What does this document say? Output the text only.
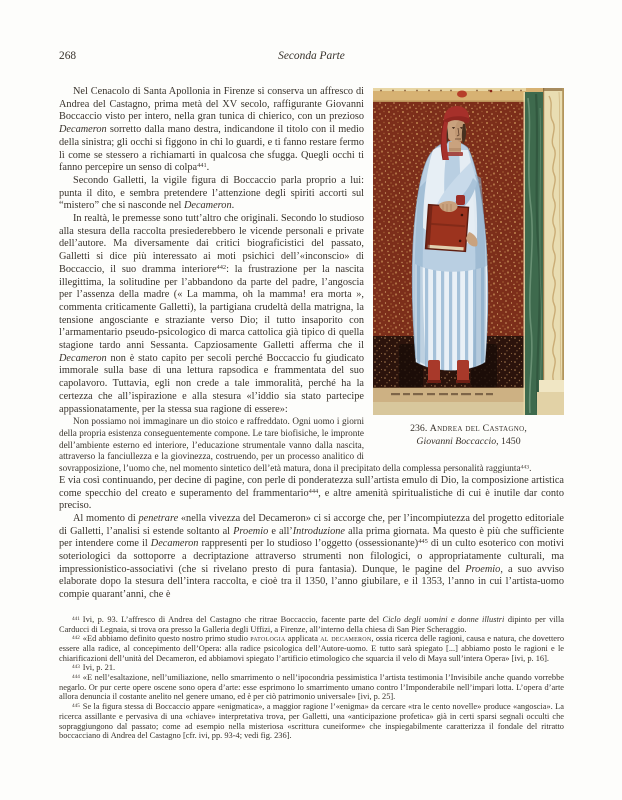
268	Seconda Parte
236. Andrea del Castagno,
Giovanni Boccaccio, 1450

Nel Cenacolo di Santa Apollonia in Firenze si conserva un affresco di Andrea del Castagno, prima metà del XV secolo, raffigurante Giovanni Boccaccio visto per intero, nella gran tunica di chierico, con un prezioso Decameron sorretto dalla mano destra, indicandone il titolo con il medio della sinistra; gli occhi si figgono in chi lo guardi, e ti fanno restare fermo lì come se stessero a richiamarti in qualcosa che sfugga. Quegli occhi ti fanno percepire un senso di colpa$^{441}$.

Secondo Galletti, la vigile figura di Boccaccio parla proprio a lui: punta il dito, e sembra pretendere l’attenzione degli spiriti accorti sul “mistero” che si nasconde nel Decameron.

In realtà, le premesse sono tutt’altro che originali. Secondo lo studioso alla stesura della raccolta presiederebbero le vicende personali e private dell’autore. Ma diversamente dai critici biograficistici del passato, Galletti si dice più interessato ai moti psichici dell’«inconscio» di Boccaccio, il suo dramma interiore$^{442}$: la frustrazione per la nascita illegittima, la solitudine per l’abbandono da parte del padre, l’angoscia per l’assenza della madre (« La mamma, oh la mamma! era morta », commenta criticamente Galletti), la partigiana crudeltà della matrigna, la tensione angosciante e straziante verso Dio; il tutto insaporito con l’armamentario pseudo-psicologico di marca cattolica già tipico di quella stagione tardo anni Sessanta. Capziosamente Galletti afferma che il Decameron non è stato capito per secoli perché Boccaccio fu giudicato immorale sulla base di una lettura rapsodica e frammentata del suo capolavoro. Tuttavia, egli non crede a tale immoralità, perché ha la certezza che all’ispirazione e alla stesura «l’iddio sia stato partecipe appassionatamente, per la stessa sua ragione di essere»:

Non possiamo noi immaginare un dio stoico e raffreddato. Ogni uomo i giorni della propria esistenza conseguentemente compone. Le tare biofisiche, le impronte dell’ambiente esterno ed interiore, l’educazione strumentale vanno dalla nascita, attraverso la fanciullezza e la giovinezza, costruendo, per un processo analitico di sovrapposizione, l’uomo che, nel momento sintetico dell’età matura, dona il precipitato della complessa personalità raggiunta$^{443}$.

E via così continuando, per decine di pagine, con perle di ponderatezza sull’artista emulo di Dio, la composizione artistica come specchio del creato e superamento del frammentario$^{444}$, e altre amenità spiritualistiche di cui è inutile dar conto preciso.

Al momento di penetrare «nella vivezza del Decameron» ci si accorge che, per l’incompiutezza del progetto editoriale di Galletti, l’analisi si estende soltanto al Proemio e all’Introduzione alla prima giornata. Ma questo è più che sufficiente per intendere come il Decameron rappresenti per lo studioso l’oggetto (ossessionante)$^{445}$ di un culto esoterico con motivi soteriologici da sottoporre a decriptazione attraverso strumenti non filologici, o appropriatamente culturali, ma impressionistico-associativi (che si rivelano presto di pura fantasia). Dunque, le pagine del Proemio, a suo avviso elaborate dopo la stesura dell’intera raccolta, e cioè tra il 1350, l’anno giubilare, e il 1353, l’anno in cui l’artista-uomo compie quarant’anni, che è

$^{441}$ Ivi, p. 93. L’affresco di Andrea del Castagno che ritrae Boccaccio, facente parte del Ciclo degli uomini e donne illustri dipinto per villa Carducci di Legnaia, si trova ora presso la Galleria degli Uffizi, a Firenze, all’interno della chiesa di San Pier Scheraggio.

$^{442}$ «Ed abbiamo definito questo nostro primo studio patologia applicata al decameron, ossia ricerca delle ragioni, causa e natura, che dovettero essere alla radice, al concepimento dell’Opera: alla radice psicologica dell’Autore-uomo. E tutto sarà spiegato [...] abbiamo posto le ragioni e le chiarificazioni dell’unità del Decameron, ed abbiamovi spiegato l’artificio etimologico che squarcia il velo di Maya sull’intera Opera» [ivi, p. 16].

$^{443}$ Ivi, p. 21.

$^{444}$ «E nell’esaltazione, nell’umiliazione, nello smarrimento o nell’ipocondria pessimistica l’artista testimonia l’Invisibile anche quando vorrebbe negarlo. Or pur certe opere oscene sono opera d’arte: esse esprimono lo smarrimento umano contro l’Imponderabile nell’impari lotta. L’opera d’arte allora denuncia il costante anelito nel genere umano, ed è per ciò patrimonio universale» [ivi, p. 25].

$^{445}$ Se la figura stessa di Boccaccio appare «enigmatica», a maggior ragione l’«enigma» da cercare «tra le cento novelle» produce «angoscia». La ricerca assillante e pervasiva di una «chiave» interpretativa trova, per Galletti, una «anticipazione profetica» già in certi sparsi segnali occulti che sopraggiungono dal passato; come ad esempio nella misteriosa «scrittura cuneiforme» che inspiegabilmente caratterizza il fondale del ritratto boccacciano di Andrea del Castagno [cfr. ivi, pp. 93-4; vedi fig. 236].
